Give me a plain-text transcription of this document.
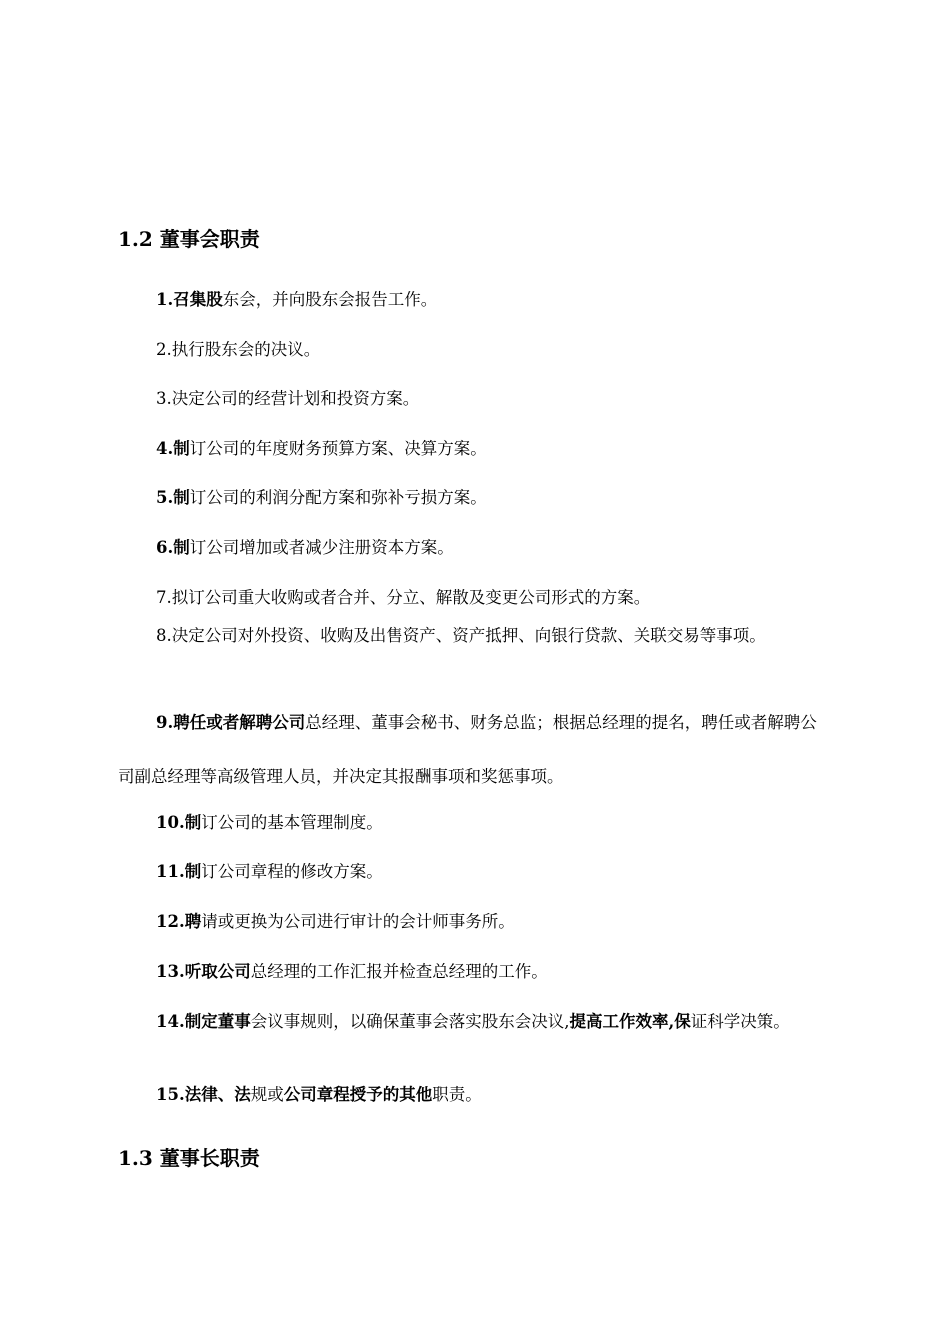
1.2 董事会职责
1.召集股东会，并向股东会报告工作。
2.执行股东会的决议。
3.决定公司的经营计划和投资方案。
4.制订公司的年度财务预算方案、决算方案。
5.制订公司的利润分配方案和弥补亏损方案。
6.制订公司增加或者减少注册资本方案。
7.拟订公司重大收购或者合并、分立、解散及变更公司形式的方案。
8.决定公司对外投资、收购及出售资产、资产抵押、向银行贷款、关联交易等事项。
9.聘任或者解聘公司总经理、董事会秘书、财务总监；根据总经理的提名，聘任或者解聘公司副总经理等高级管理人员，并决定其报酬事项和奖惩事项。
10.制订公司的基本管理制度。
11.制订公司章程的修改方案。
12.聘请或更换为公司进行审计的会计师事务所。
13.听取公司总经理的工作汇报并检查总经理的工作。
14.制定董事会议事规则，以确保董事会落实股东会决议,提高工作效率,保证科学决策。
15.法律、法规或公司章程授予的其他职责。
1.3 董事长职责
